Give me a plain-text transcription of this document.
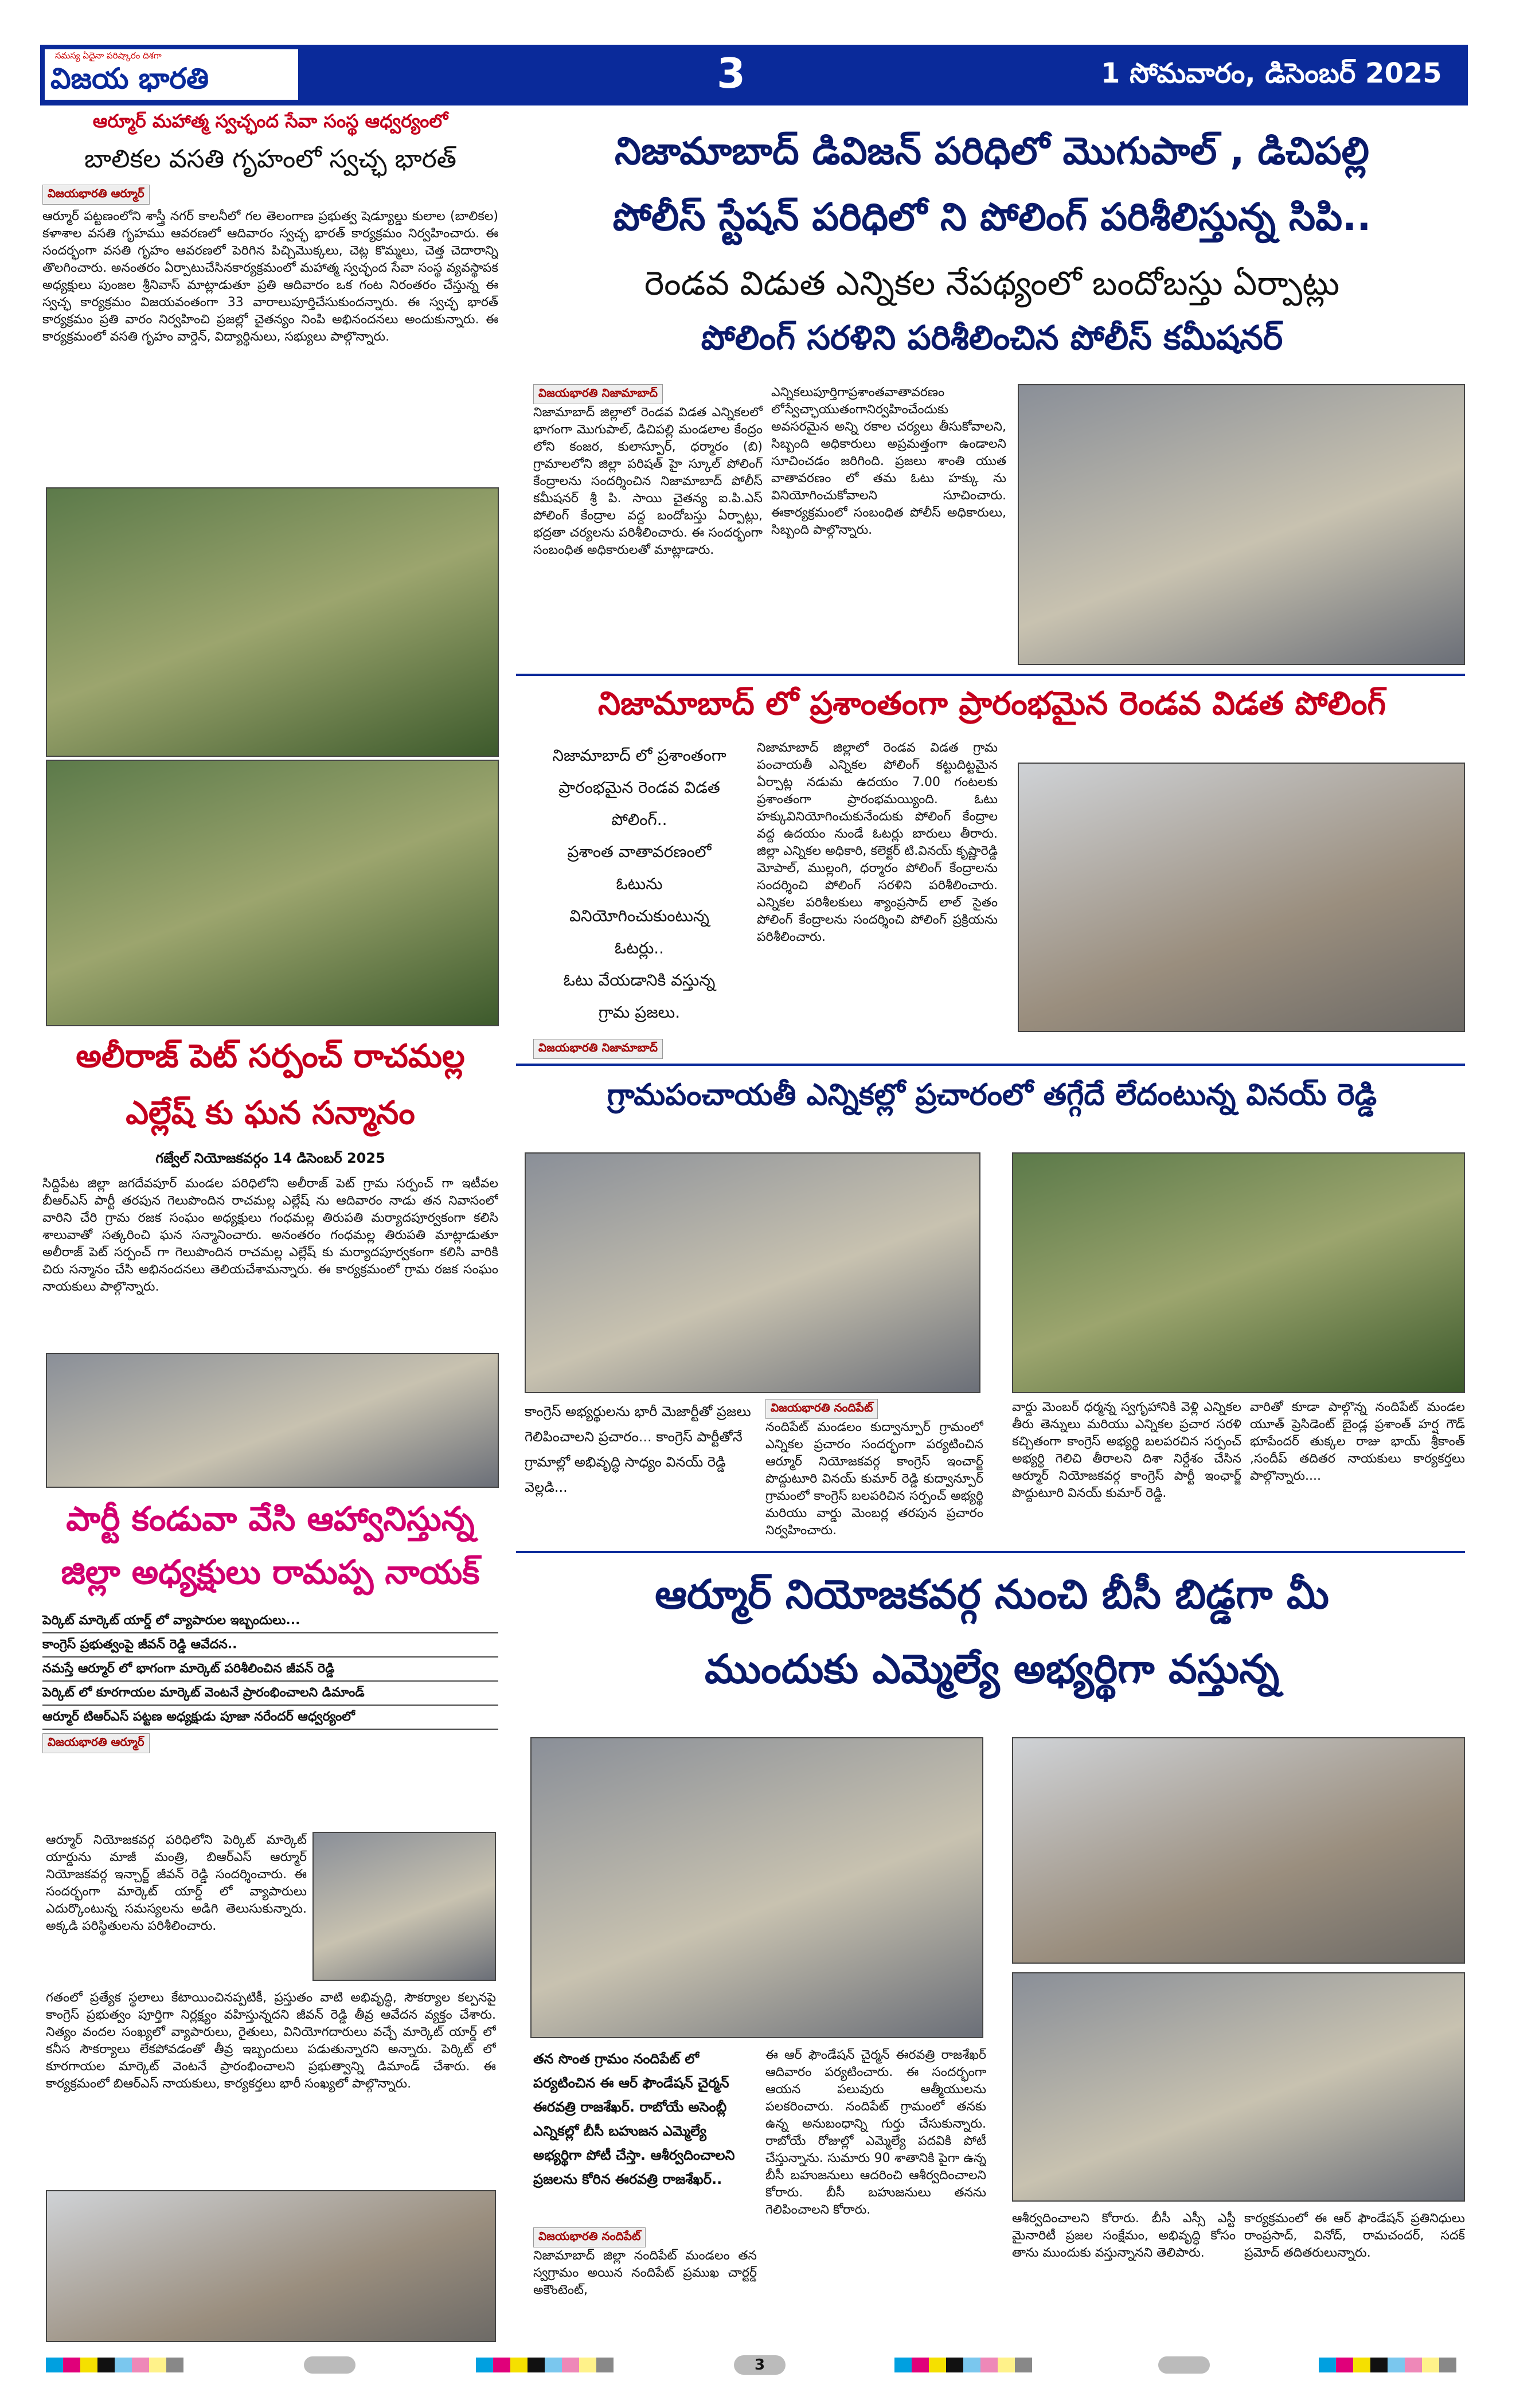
సమస్య ఏదైనా పరిష్కారం దిశగా
విజయ భారతి	3	1 సోమవారం, డిసెంబర్ 2025
ఆర్మూర్ మహాత్మ స్వచ్ఛంద సేవా సంస్థ ఆధ్వర్యంలో
బాలికల వసతి గృహంలో స్వచ్ఛ భారత్
విజయభారతి ఆర్మూర్
ఆర్మూర్ పట్టణంలోని శాస్త్రీ నగర్ కాలనీలో గల తెలంగాణ ప్రభుత్వ షెడ్యూల్డు కులాల (బాలికల) కళాశాల వసతి గృహము ఆవరణలో ఆదివారం స్వచ్ఛ భారత్ కార్యక్రమం నిర్వహించారు. ఈ సందర్భంగా వసతి గృహం ఆవరణలో పెరిగిన పిచ్చిమొక్కలు, చెట్ల కొమ్మలు, చెత్త చెదారాన్ని తొలగించారు. అనంతరం ఏర్పాటుచేసినకార్యక్రమంలో మహాత్మ స్వచ్ఛంద సేవా సంస్థ వ్యవస్థాపక అధ్యక్షులు పుంజల శ్రీనివాస్ మాట్లాడుతూ ప్రతి ఆదివారం ఒక గంట నిరంతరం చేస్తున్న ఈ స్వచ్ఛ కార్యక్రమం విజయవంతంగా 33 వారాలుపూర్తిచేసుకుందన్నారు. ఈ స్వచ్ఛ భారత్ కార్యక్రమం ప్రతి వారం నిర్వహించి ప్రజల్లో చైతన్యం నింపి అభినందనలు అందుకున్నారు. ఈ కార్యక్రమంలో వసతి గృహం వార్డెన్, విద్యార్థినులు, సభ్యులు పాల్గొన్నారు.
అలీరాజ్ పెట్ సర్పంచ్ రాచమల్ల
ఎల్లేష్ కు ఘన సన్మానం
గజ్వేల్ నియోజకవర్గం 14 డిసెంబర్ 2025
సిద్దిపేట జిల్లా జగదేవపూర్ మండల పరిధిలోని అలీరాజ్ పెట్ గ్రామ సర్పంచ్ గా ఇటీవల బీఆర్ఎస్ పార్టీ తరపున గెలుపొందిన రాచమల్ల ఎల్లేష్ ను ఆదివారం నాడు తన నివాసంలో వారిని చేరి గ్రామ రజక సంఘం అధ్యక్షులు గంధమల్ల తిరుపతి మర్యాదపూర్వకంగా కలిసి శాలువాతో సత్కరించి ఘన సన్మానించారు. అనంతరం గంధమల్ల తిరుపతి మాట్లాడుతూ అలీరాజ్ పెట్ సర్పంచ్ గా గెలుపొందిన రాచమల్ల ఎల్లేష్ కు మర్యాదపూర్వకంగా కలిసి వారికి చిరు సన్మానం చేసి అభినందనలు తెలియచేశామన్నారు. ఈ కార్యక్రమంలో గ్రామ రజక సంఘం నాయకులు పాల్గొన్నారు.
పార్టీ కండువా వేసి ఆహ్వానిస్తున్న
జిల్లా అధ్యక్షులు రామప్ప నాయక్
పెర్కిట్ మార్కెట్ యార్డ్ లో వ్యాపారుల ఇబ్బందులు...
కాంగ్రెస్ ప్రభుత్వంపై జీవన్ రెడ్డి ఆవేదన..
నమస్తే ఆర్మూర్ లో భాగంగా మార్కెట్ పరిశీలించిన జీవన్ రెడ్డి
పెర్కిట్ లో కూరగాయల మార్కెట్ వెంటనే ప్రారంభించాలని డిమాండ్
ఆర్మూర్ టిఆర్ఎస్ పట్టణ అధ్యక్షుడు పూజా నరేందర్ ఆధ్వర్యంలో
విజయభారతి ఆర్మూర్
ఆర్మూర్ నియోజకవర్గ పరిధిలోని పెర్కిట్ మార్కెట్ యార్డును మాజీ మంత్రి, బిఆర్ఎస్ ఆర్మూర్ నియోజకవర్గ ఇన్చార్జ్ జీవన్ రెడ్డి సందర్శించారు. ఈ సందర్భంగా మార్కెట్ యార్డ్ లో వ్యాపారులు ఎదుర్కొంటున్న సమస్యలను అడిగి తెలుసుకున్నారు. అక్కడి పరిస్థితులను పరిశీలించారు.
గతంలో ప్రత్యేక స్థలాలు కేటాయించినప్పటికీ, ప్రస్తుతం వాటి అభివృద్ధి, సౌకర్యాల కల్పనపై కాంగ్రెస్ ప్రభుత్వం పూర్తిగా నిర్లక్ష్యం వహిస్తున్నదని జీవన్ రెడ్డి తీవ్ర ఆవేదన వ్యక్తం చేశారు. నిత్యం వందల సంఖ్యలో వ్యాపారులు, రైతులు, వినియోగదారులు వచ్చే మార్కెట్ యార్డ్ లో కనీస సౌకర్యాలు లేకపోవడంతో తీవ్ర ఇబ్బందులు పడుతున్నారని అన్నారు. పెర్కిట్ లో కూరగాయల మార్కెట్ వెంటనే ప్రారంభించాలని ప్రభుత్వాన్ని డిమాండ్ చేశారు. ఈ కార్యక్రమంలో బిఆర్ఎస్ నాయకులు, కార్యకర్తలు భారీ సంఖ్యలో పాల్గొన్నారు.
నిజామాబాద్ డివిజన్ పరిధిలో మొగుపాల్ , డిచిపల్లి
పోలీస్ స్టేషన్ పరిధిలో ని పోలింగ్ పరిశీలిస్తున్న సిపి..
రెండవ విడుత ఎన్నికల నేపథ్యంలో బందోబస్తు ఏర్పాట్లు
పోలింగ్ సరళిని పరిశీలించిన పోలీస్ కమీషనర్
విజయభారతి నిజామాబాద్
నిజామాబాద్ జిల్లాలో రెండవ విడత ఎన్నికలలో భాగంగా మొగుపాల్, డిచిపల్లి మండలాల కేంద్రం లోని కంజర, కులాస్పూర్, ధర్మారం (బి) గ్రామాలలోని జిల్లా పరిషత్ హై స్కూల్ పోలింగ్ కేంద్రాలను సందర్శించిన నిజామాబాద్ పోలీస్ కమీషనర్ శ్రీ పి. సాయి చైతన్య ఐ.పి.ఎస్ పోలింగ్ కేంద్రాల వద్ద బందోబస్తు ఏర్పాట్లు, భద్రతా చర్యలను పరిశీలించారు. ఈ సందర్భంగా సంబంధిత అధికారులతో మాట్లాడారు.
ఎన్నికలుపూర్తిగాప్రశాంతవాతావరణం లోస్వేచ్ఛాయుతంగానిర్వహించేందుకు అవసరమైన అన్ని రకాల చర్యలు తీసుకోవాలని, సిబ్బంది అధికారులు అప్రమత్తంగా ఉండాలని సూచించడం జరిగింది. ప్రజలు శాంతి యుత వాతావరణం లో తమ ఓటు హక్కు ను వినియోగించుకోవాలని సూచించారు. ఈకార్యక్రమంలో సంబంధిత పోలీస్ అధికారులు, సిబ్బంది పాల్గొన్నారు.
నిజామాబాద్ లో ప్రశాంతంగా ప్రారంభమైన రెండవ విడత పోలింగ్
నిజామాబాద్ లో ప్రశాంతంగా
ప్రారంభమైన రెండవ విడత
పోలింగ్..
ప్రశాంత వాతావరణంలో
ఓటును
వినియోగించుకుంటున్న
ఓటర్లు..
ఓటు వేయడానికి వస్తున్న
గ్రామ ప్రజలు.
విజయభారతి నిజామాబాద్
నిజామాబాద్ జిల్లాలో రెండవ విడత గ్రామ పంచాయతీ ఎన్నికల పోలింగ్ కట్టుదిట్టమైన ఏర్పాట్ల నడుమ ఉదయం 7.00 గంటలకు ప్రశాంతంగా ప్రారంభమయ్యింది. ఓటు హక్కువినియోగించుకునేందుకు పోలింగ్ కేంద్రాల వద్ద ఉదయం నుండే ఓటర్లు బారులు తీరారు. జిల్లా ఎన్నికల అధికారి, కలెక్టర్ టి.వినయ్ కృష్ణారెడ్డి మోపాల్, ముల్లంగి, ధర్మారం పోలింగ్ కేంద్రాలను సందర్శించి పోలింగ్ సరళిని పరిశీలించారు. ఎన్నికల పరిశీలకులు శ్యాంప్రసాద్ లాల్ సైతం పోలింగ్ కేంద్రాలను సందర్శించి పోలింగ్ ప్రక్రియను పరిశీలించారు.
గ్రామపంచాయతీ ఎన్నికల్లో ప్రచారంలో తగ్గేదే లేదంటున్న వినయ్ రెడ్డి
కాంగ్రెస్ అభ్యర్థులను భారీ మెజార్టీతో ప్రజలు గెలిపించాలని ప్రచారం... కాంగ్రెస్ పార్టీతోనే గ్రామాల్లో అభివృద్ధి సాధ్యం వినయ్ రెడ్డి వెల్లడి...
విజయభారతి నందిపేట్
నందిపేట్ మండలం కుద్వాన్పూర్ గ్రామంలో ఎన్నికల ప్రచారం సందర్భంగా పర్యటించిన ఆర్మూర్ నియోజకవర్గ కాంగ్రెస్ ఇంచార్జ్ పొద్దుటూరి వినయ్ కుమార్ రెడ్డి కుద్వాన్పూర్ గ్రామంలో కాంగ్రెస్ బలపరిచిన సర్పంచ్ అభ్యర్థి మరియు వార్డు మెంబర్ల తరపున ప్రచారం నిర్వహించారు.
వార్డు మెంబర్ ధర్మన్న స్వగృహానికి వెళ్లి ఎన్నికల తీరు తెన్నులు మరియు ఎన్నికల ప్రచార సరళి కచ్చితంగా కాంగ్రెస్ అభ్యర్థి బలపరచిన సర్పంచ్ అభ్యర్థి గెలిచి తీరాలని దిశా నిర్దేశం చేసిన ఆర్మూర్ నియోజకవర్గ కాంగ్రెస్ పార్టీ ఇంఛార్జ్ పొద్దుటూరి వినయ్ కుమార్ రెడ్డి.
వారితో కూడా పాల్గొన్న నందిపేట్ మండల యూత్ ప్రెసిడెంట్ బైండ్ల ప్రశాంత్ హర్ష గౌడ్ భూపేందర్ తుక్కల రాజు భాయ్ శ్రీకాంత్ ,సందీప్ తదితర నాయకులు కార్యకర్తలు పాల్గొన్నారు....
ఆర్మూర్ నియోజకవర్గ నుంచి బీసీ బిడ్డగా మీ
ముందుకు ఎమ్మెల్యే అభ్యర్థిగా వస్తున్న
తన సొంత గ్రామం నందిపేట్ లో పర్యటించిన ఈ ఆర్ ఫౌండేషన్ చైర్మన్ ఈరవత్రి రాజశేఖర్. రాబోయే అసెంబ్లీ ఎన్నికల్లో బీసీ బహుజన ఎమ్మెల్యే అభ్యర్థిగా పోటీ చేస్తా. ఆశీర్వదించాలని ప్రజలను కోరిన ఈరవత్రి రాజశేఖర్..
విజయభారతి నందిపేట్
నిజామాబాద్ జిల్లా నందిపేట్ మండలం తన స్వగ్రామం అయిన నందిపేట్ ప్రముఖ చార్టర్డ్ అకౌంటెంట్,
ఈ ఆర్ ఫౌండేషన్ చైర్మన్ ఈరవత్రి రాజశేఖర్ ఆదివారం పర్యటించారు. ఈ సందర్భంగా ఆయన పలువురు ఆత్మీయులను పలకరించారు. నందిపేట్ గ్రామంలో తనకు ఉన్న అనుబంధాన్ని గుర్తు చేసుకున్నారు. రాబోయే రోజుల్లో ఎమ్మెల్యే పదవికి పోటీ చేస్తున్నాను. సుమారు 90 శాతానికి పైగా ఉన్న బీసీ బహుజనులు ఆదరించి ఆశీర్వదించాలని కోరారు. బీసీ బహుజనులు తనను గెలిపించాలని కోరారు.
ఆశీర్వదించాలని కోరారు. బీసీ ఎస్సీ ఎస్టీ మైనారిటీ ప్రజల సంక్షేమం, అభివృద్ధి కోసం తాను ముందుకు వస్తున్నానని తెలిపారు.
కార్యక్రమంలో ఈ ఆర్ ఫౌండేషన్ ప్రతినిధులు రాంప్రసాద్, వినోద్, రామచందర్, సదక్ ప్రమోద్ తదితరులున్నారు.
3
